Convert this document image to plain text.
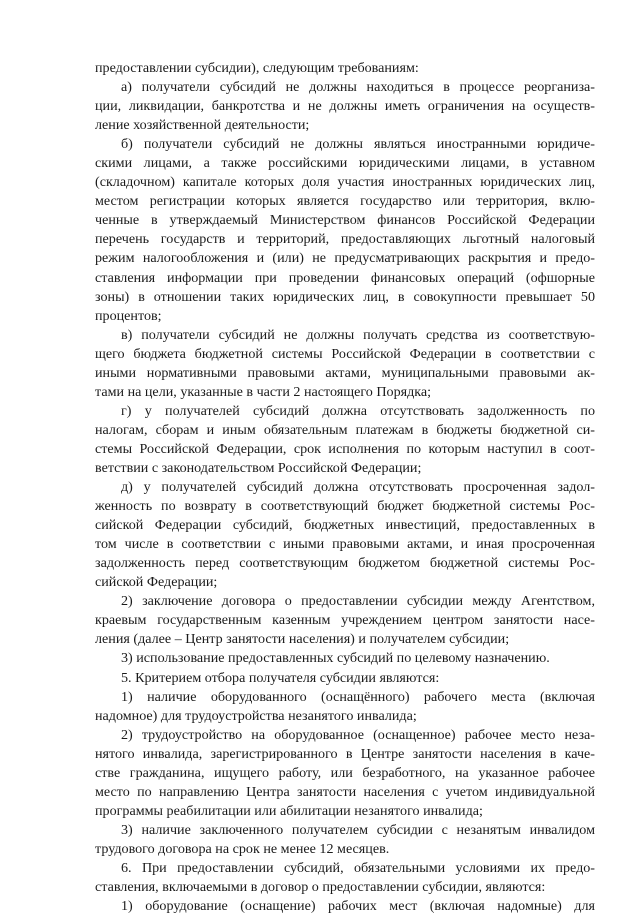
предоставлении субсидии), следующим требованиям:
а) получатели субсидий не должны находиться в процессе реорганиза-
ции, ликвидации, банкротства и не должны иметь ограничения на осуществ-
ление хозяйственной деятельности;
б) получатели субсидий не должны являться иностранными юридиче-
скими лицами, а также российскими юридическими лицами, в уставном
(складочном) капитале которых доля участия иностранных юридических лиц,
местом регистрации которых является государство или территория, вклю-
ченные в утверждаемый Министерством финансов Российской Федерации
перечень государств и территорий, предоставляющих льготный налоговый
режим налогообложения и (или) не предусматривающих раскрытия и предо-
ставления информации при проведении финансовых операций (офшорные
зоны) в отношении таких юридических лиц, в совокупности превышает 50
процентов;
в) получатели субсидий не должны получать средства из соответствую-
щего бюджета бюджетной системы Российской Федерации в соответствии с
иными нормативными правовыми актами, муниципальными правовыми ак-
тами на цели, указанные в части 2 настоящего Порядка;
г) у получателей субсидий должна отсутствовать задолженность по
налогам, сборам и иным обязательным платежам в бюджеты бюджетной си-
стемы Российской Федерации, срок исполнения по которым наступил в соот-
ветствии с законодательством Российской Федерации;
д) у получателей субсидий должна отсутствовать просроченная задол-
женность по возврату в соответствующий бюджет бюджетной системы Рос-
сийской Федерации субсидий, бюджетных инвестиций, предоставленных в
том числе в соответствии с иными правовыми актами, и иная просроченная
задолженность перед соответствующим бюджетом бюджетной системы Рос-
сийской Федерации;
2) заключение договора о предоставлении субсидии между Агентством,
краевым государственным казенным учреждением центром занятости насе-
ления (далее – Центр занятости населения) и получателем субсидии;
3) использование предоставленных субсидий по целевому назначению.
5. Критерием отбора получателя субсидии являются:
1) наличие оборудованного (оснащённого) рабочего места (включая
надомное) для трудоустройства незанятого инвалида;
2) трудоустройство на оборудованное (оснащенное) рабочее место неза-
нятого инвалида, зарегистрированного в Центре занятости населения в каче-
стве гражданина, ищущего работу, или безработного, на указанное рабочее
место по направлению Центра занятости населения с учетом индивидуальной
программы реабилитации или абилитации незанятого инвалида;
3) наличие заключенного получателем субсидии с незанятым инвалидом
трудового договора на срок не менее 12 месяцев.
6. При предоставлении субсидий, обязательными условиями их предо-
ставления, включаемыми в договор о предоставлении субсидии, являются:
1) оборудование (оснащение) рабочих мест (включая надомные) для
